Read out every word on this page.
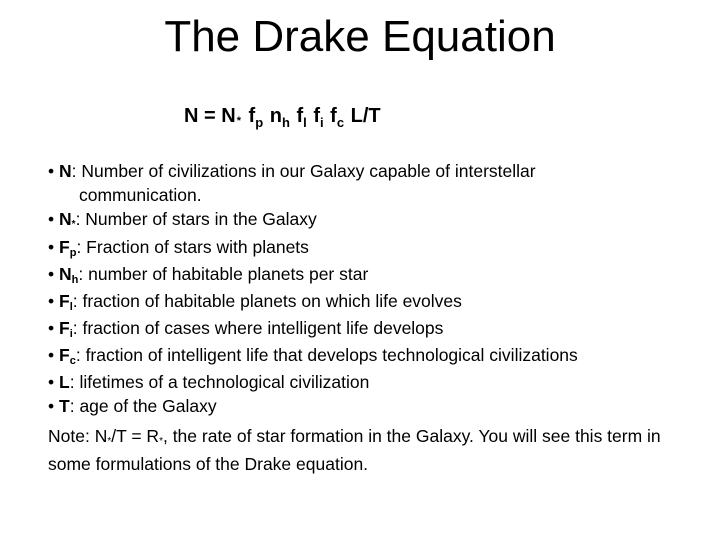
The Drake Equation
N = N* $f_p$ $n_h$ $f_l$ $f_i$ $f_c$ L/T
• N: Number of civilizations in our Galaxy capable of interstellar
communication.
• N*: Number of stars in the Galaxy
• Fp: Fraction of stars with planets
• Nh: number of habitable planets per star
• Fl: fraction of habitable planets on which life evolves
• Fi: fraction of cases where intelligent life develops
• Fc: fraction of intelligent life that develops technological civilizations
• L: lifetimes of a technological civilization
• T: age of the Galaxy

Note: N*/T = R*, the rate of star formation in the Galaxy. You will see this term in some formulations of the Drake equation.
